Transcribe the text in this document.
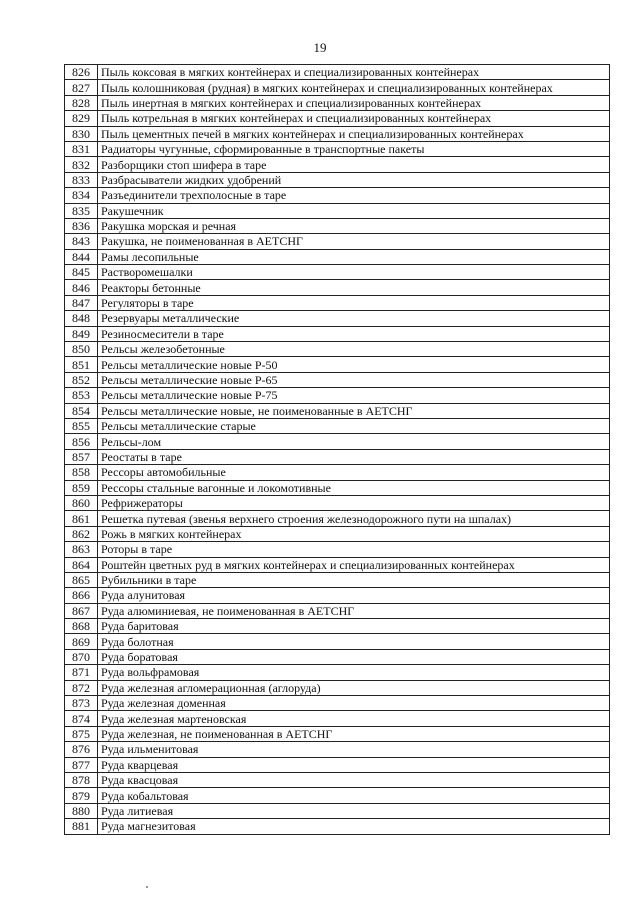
19
826	Пыль коксовая в мягких контейнерах и специализированных контейнерах
827	Пыль колошниковая (рудная) в мягких контейнерах и специализированных контейнерах
828	Пыль инертная в мягких контейнерах и специализированных контейнерах
829	Пыль котрельная в мягких контейнерах и специализированных контейнерах
830	Пыль цементных печей в мягких контейнерах и специализированных контейнерах
831	Радиаторы чугунные, сформированные в транспортные пакеты
832	Разборщики стоп шифера в таре
833	Разбрасыватели жидких удобрений
834	Разъединители трехполосные в таре
835	Ракушечник
836	Ракушка морская и речная
843	Ракушка, не поименованная в АЕТСНГ
844	Рамы лесопильные
845	Растворомешалки
846	Реакторы бетонные
847	Регуляторы в таре
848	Резервуары металлические
849	Резиносмесители в таре
850	Рельсы железобетонные
851	Рельсы металлические новые Р-50
852	Рельсы металлические новые Р-65
853	Рельсы металлические новые Р-75
854	Рельсы металлические новые, не поименованные в АЕТСНГ
855	Рельсы металлические старые
856	Рельсы-лом
857	Реостаты в таре
858	Рессоры автомобильные
859	Рессоры стальные вагонные и локомотивные
860	Рефрижераторы
861	Решетка путевая (звенья верхнего строения железнодорожного пути на шпалах)
862	Рожь в мягких контейнерах
863	Роторы в таре
864	Роштейн цветных руд в мягких контейнерах и специализированных контейнерах
865	Рубильники в таре
866	Руда алунитовая
867	Руда алюминиевая, не поименованная в АЕТСНГ
868	Руда баритовая
869	Руда болотная
870	Руда боратовая
871	Руда вольфрамовая
872	Руда железная агломерационная (аглоруда)
873	Руда железная доменная
874	Руда железная мартеновская
875	Руда железная, не поименованная в АЕТСНГ
876	Руда ильменитовая
877	Руда кварцевая
878	Руда квасцовая
879	Руда кобальтовая
880	Руда литиевая
881	Руда магнезитовая
